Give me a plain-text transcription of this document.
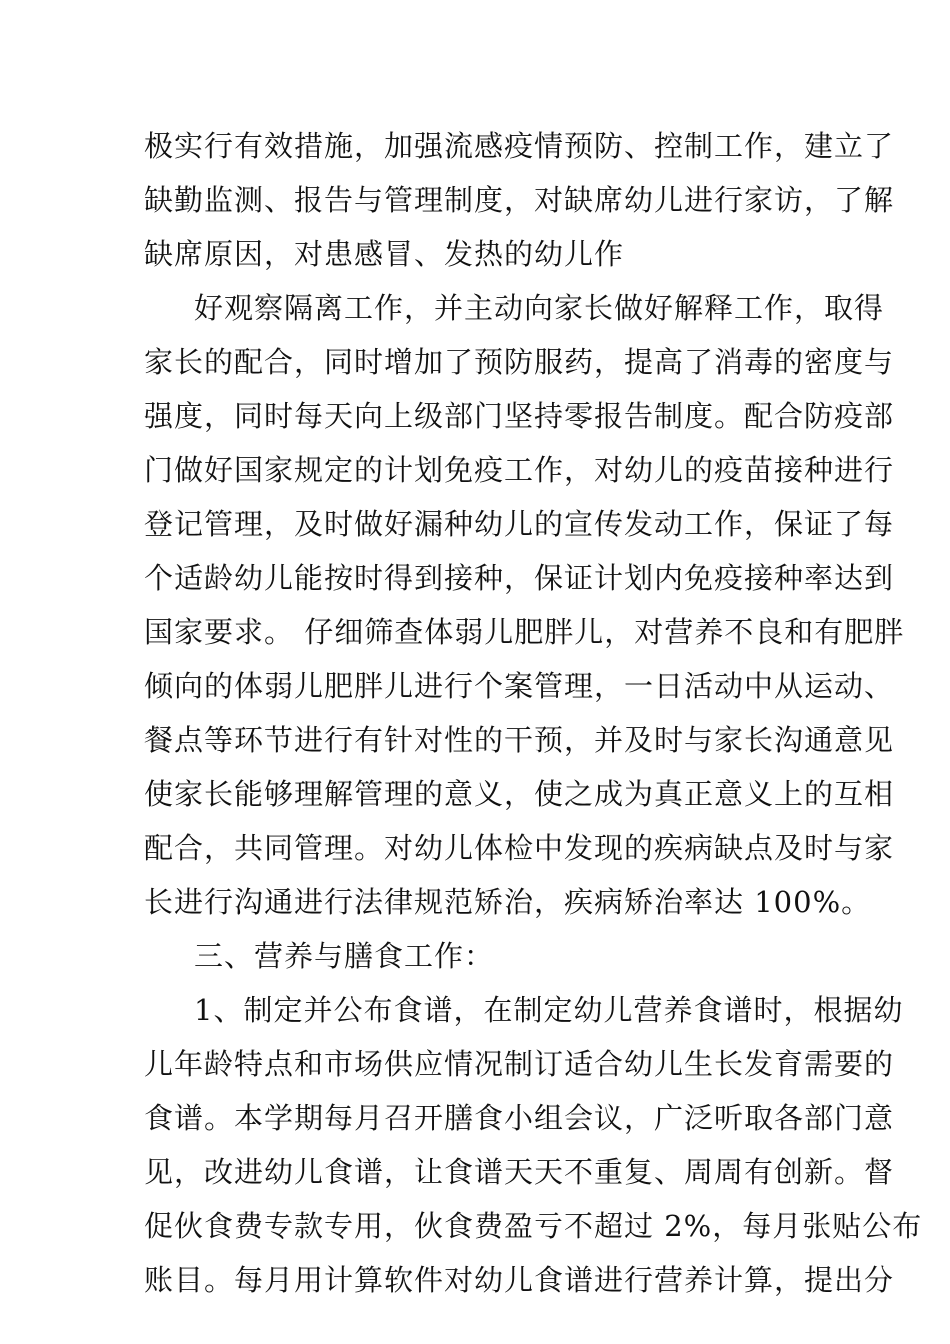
极实行有效措施，加强流感疫情预防、控制工作，建立了
缺勤监测、报告与管理制度，对缺席幼儿进行家访，了解
缺席原因，对患感冒、发热的幼儿作
好观察隔离工作，并主动向家长做好解释工作，取得
家长的配合，同时增加了预防服药，提高了消毒的密度与
强度，同时每天向上级部门坚持零报告制度。配合防疫部
门做好国家规定的计划免疫工作，对幼儿的疫苗接种进行
登记管理，及时做好漏种幼儿的宣传发动工作，保证了每
个适龄幼儿能按时得到接种，保证计划内免疫接种率达到
国家要求。 仔细筛查体弱儿肥胖儿，对营养不良和有肥胖
倾向的体弱儿肥胖儿进行个案管理，一日活动中从运动、
餐点等环节进行有针对性的干预，并及时与家长沟通意见
使家长能够理解管理的意义，使之成为真正意义上的互相
配合，共同管理。对幼儿体检中发现的疾病缺点及时与家
长进行沟通进行法律规范矫治，疾病矫治率达 100%。
三、营养与膳食工作：
1、制定并公布食谱，在制定幼儿营养食谱时，根据幼
儿年龄特点和市场供应情况制订适合幼儿生长发育需要的
食谱。本学期每月召开膳食小组会议，广泛听取各部门意
见，改进幼儿食谱，让食谱天天不重复、周周有创新。督
促伙食费专款专用，伙食费盈亏不超过 2%，每月张贴公布
账目。每月用计算软件对幼儿食谱进行营养计算，提出分
